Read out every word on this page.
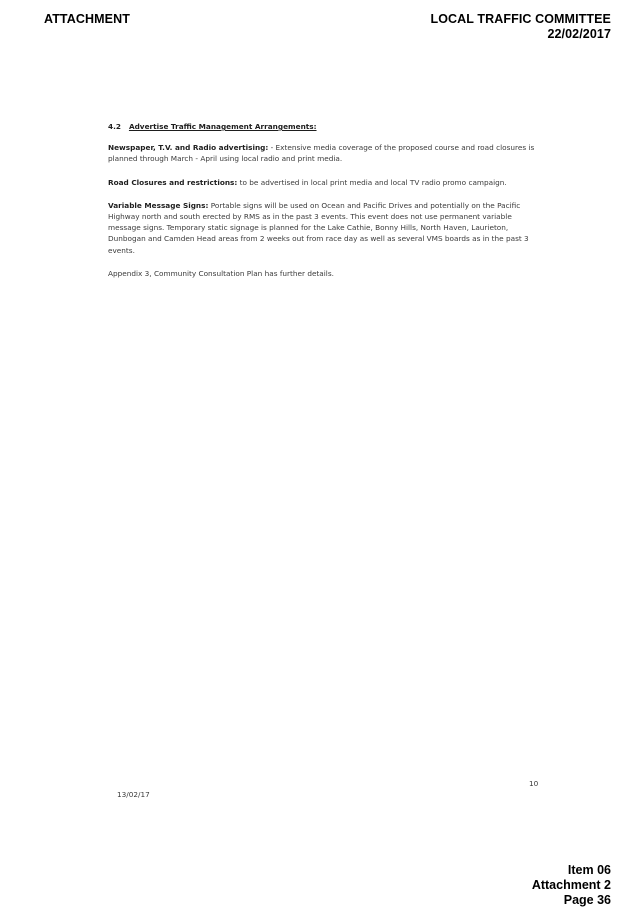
ATTACHMENT	LOCAL TRAFFIC COMMITTEE
22/02/2017
4.2 Advertise Traffic Management Arrangements:

Newspaper, T.V. and Radio advertising: - Extensive media coverage of the proposed course and road closures is planned through March - April using local radio and print media.

Road Closures and restrictions: to be advertised in local print media and local TV radio promo campaign.

Variable Message Signs: Portable signs will be used on Ocean and Pacific Drives and potentially on the Pacific Highway north and south erected by RMS as in the past 3 events. This event does not use permanent variable message signs. Temporary static signage is planned for the Lake Cathie, Bonny Hills, North Haven, Laurieton, Dunbogan and Camden Head areas from 2 weeks out from race day as well as several VMS boards as in the past 3 events.

Appendix 3, Community Consultation Plan has further details.

10
13/02/17
Item 06
Attachment 2
Page 36
